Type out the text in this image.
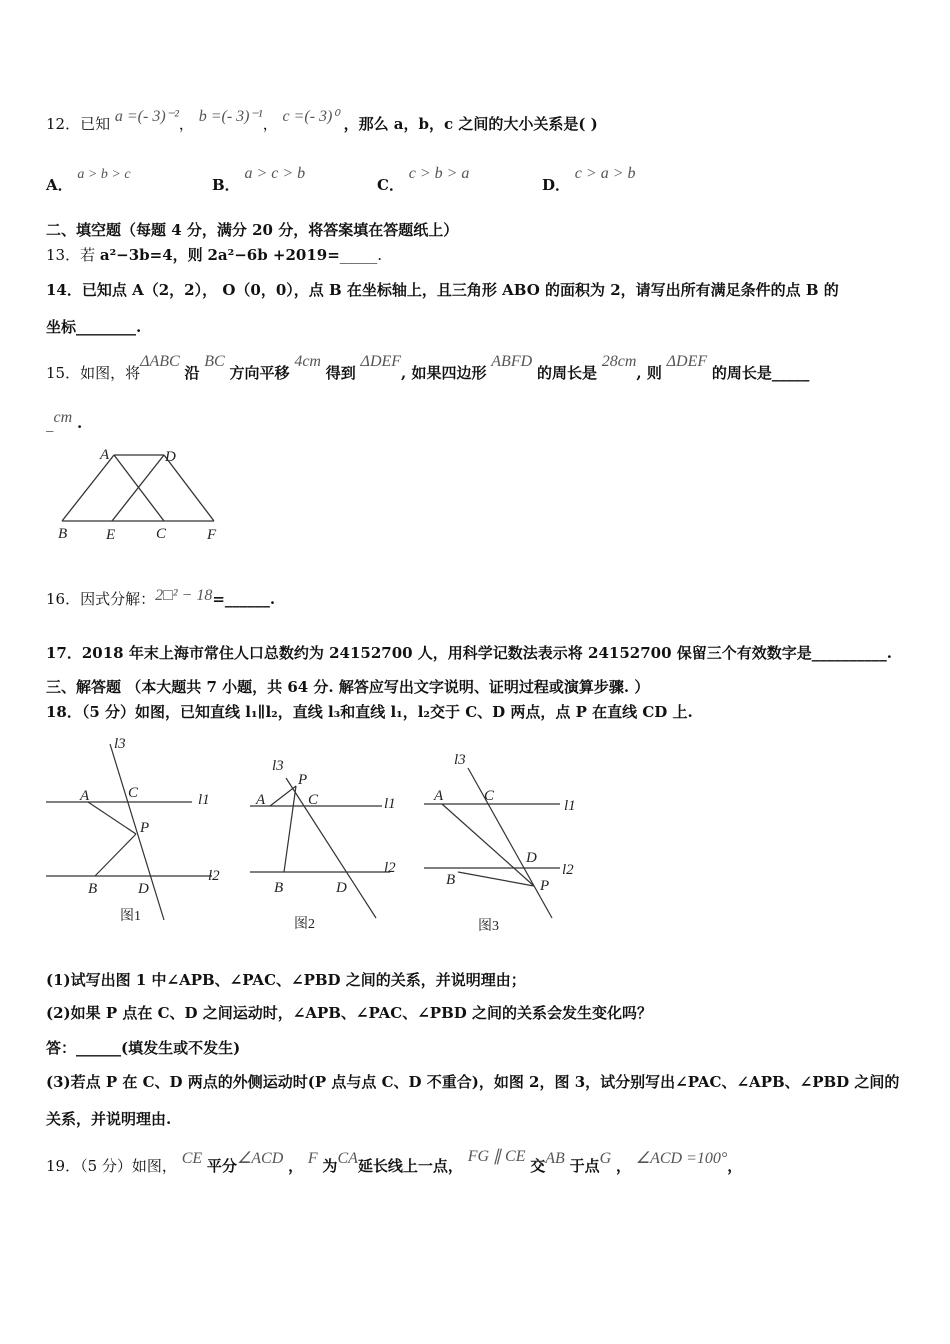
12．已知 a =(- 3)⁻²， b =(- 3)⁻¹， c =(- 3)⁰ ，那么 a，b，c 之间的大小关系是( )
A． a > b > c
B． a > c > b
C． c > b > a
D． c > a > b
二、填空题（每题 4 分，满分 20 分，将答案填在答题纸上）
13．若 a²−3b=4，则 2a²−6b +2019=_____.
14．已知点 A（2，2）， O（0，0），点 B 在坐标轴上，且三角形 ABO 的面积为 2，请写出所有满足条件的点 B 的
坐标________.
15．如图，将ΔABC 沿 BC 方向平移 4cm 得到 ΔDEF, 如果四边形 ABFD 的周长是 28cm, 则 ΔDEF 的周长是_____
_cm .
A	D
B	E	C	F
16．因式分解：2□² − 18=______.
17．2018 年末上海市常住人口总数约为 24152700 人，用科学记数法表示将 24152700 保留三个有效数字是__________.
三、解答题 （本大题共 7 小题，共 64 分. 解答应写出文字说明、证明过程或演算步骤. ）
18．（5 分）如图，已知直线 l₁∥l₂，直线 l₃和直线 l₁，l₂交于 C、D 两点，点 P 在直线 CD 上.
l3
C
A	l1
P
l2
B	D
图1
l3
P
A	C	l1
l2
B	D
图2
l3
A	C
l1
D
l2
B	P
图3
(1)试写出图 1 中∠APB、∠PAC、∠PBD 之间的关系，并说明理由；
(2)如果 P 点在 C、D 之间运动时，∠APB、∠PAC、∠PBD 之间的关系会发生变化吗？
答：______(填发生或不发生)
(3)若点 P 在 C、D 两点的外侧运动时(P 点与点 C、D 不重合)，如图 2，图 3，试分别写出∠PAC、∠APB、∠PBD 之间的
关系，并说明理由.
19．（5 分）如图， CE 平分∠ACD ， F 为CA延长线上一点， FG ∥ CE 交AB 于点G ， ∠ACD =100°，
